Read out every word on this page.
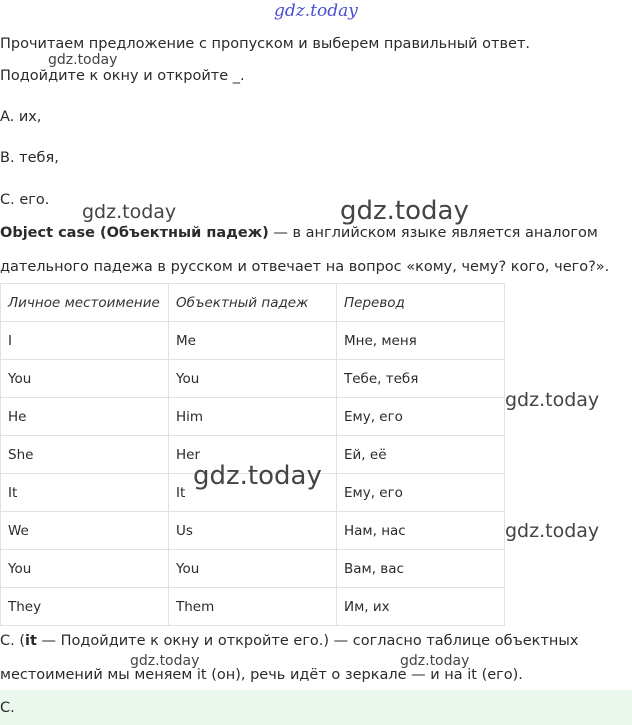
gdz.today
Прочитаем предложение с пропуском и выберем правильный ответ.
gdz.today
Подойдите к окну и откройте _.
A. их,
B. тебя,
C. его.
gdz.today	gdz.today
Object case (Объектный падеж) — в английском языке является аналогом
дательного падежа в русском и отвечает на вопрос «кому, чему? кого, чего?».
Личное местоимение	Объектный падеж	Перевод
I	Me	Мне, меня
You	You	Тебе, тебя
He	Him	Ему, его
She	Her	Ей, её
It	It	Ему, его
We	Us	Нам, нас
You	You	Вам, вас
They	Them	Им, их
gdz.today
gdz.today
gdz.today
C. (it — Подойдите к окну и откройте его.) — согласно таблице объектных
gdz.today	gdz.today
местоимений мы меняем it (он), речь идёт о зеркале — и на it (его).
C.
